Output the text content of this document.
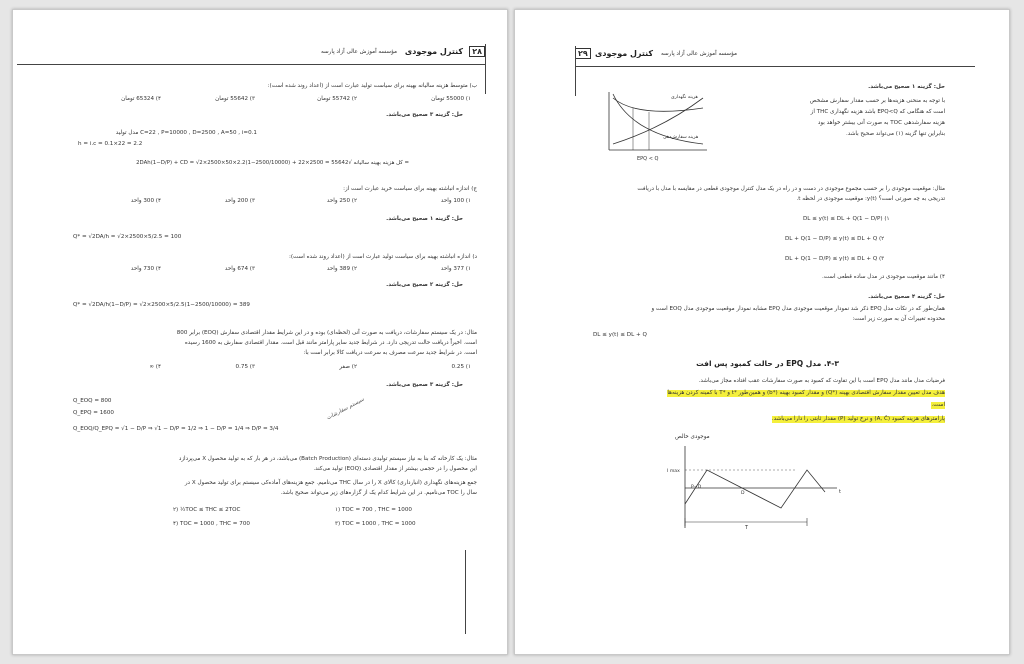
۲۸
کنترل موجودی
مؤسسه آموزش عالی آزاد پارسه
ب) متوسط هزینه سالیانه بهینه برای سیاست تولید عبارت است از (اعداد روند شده است):
۱) 55000 تومان
۲) 55742 تومان
۳) 55642 تومان
۴) 65324 تومان
حل: گزینه ۳ صحیح می‌باشد.
C=22 , P=10000 , D=2500 , A=50 , i=0.1 مدل تولید
h = i.c = 0.1×22 = 2.2
= کل هزینه بهینه سالیانه √2DAh(1−D/P) + CD = √2×2500×50×2.2(1−2500/10000) + 22×2500 = 55642
ج) اندازه انباشته بهینه برای سیاست خرید عبارت است از:
۱) 100 واحد
۲) 250 واحد
۳) 200 واحد
۴) 300 واحد
حل: گزینه ۱ صحیح می‌باشد.
Q* = √2DA/h = √2×2500×5/2.5 = 100
د) اندازه انباشته بهینه برای سیاست تولید عبارت است از (اعداد روند شده است):
۱) 377 واحد
۲) 389 واحد
۳) 674 واحد
۴) 730 واحد
حل: گزینه ۲ صحیح می‌باشد.
Q* = √2DA/h(1−D/P) = √2×2500×5/2.5(1−2500/10000) = 389
مثال: در یک سیستم سفارشات، دریافت به صورت آنی (لحظه‌ای) بوده و در این شرایط مقدار اقتصادی سفارش (EOQ) برابر 800
است. اخیراً دریافت حالت تدریجی دارد. در شرایط جدید سایر پارامتر مانند قبل است. مقدار اقتصادی سفارش به 1600 رسیده
است. در شرایط جدید سرعت مصرف به سرعت دریافت کالا برابر است با:
۱) 0.25
۲) صفر
۳) 0.75
۴) ∞
حل: گزینه ۳ صحیح می‌باشد.
Q_EOQ = 800
Q_EPQ = 1600
Q_EOQ/Q_EPQ = √1 − D/P ⇒ √1 − D/P = 1/2 ⇒ 1 − D/P = 1/4 ⇒ D/P = 3/4
سیستم سفارشات
مثال: یک کارخانه که بنا به نیاز سیستم تولیدی دسته‌ای (Batch Production) می‌باشد، در هر بار که به تولید محصول X می‌پردازد
این محصول را در حجمی بیشتر از مقدار اقتصادی (EOQ) تولید می‌کند.
جمع هزینه‌های نگهداری (انبارداری) کالای X را در سال THC می‌نامیم. جمع هزینه‌های آماده‌کی سیستم برای تولید محصول X در
سال را TOC می‌نامیم. در این شرایط کدام یک از گزاره‌های زیر می‌تواند صحیح باشد.
۱) TOC = 700 , THC = 1000
۲) ½TOC ≤ THC ≤ 2TOC
۳) TOC = 1000 , THC = 1000
۴) TOC = 1000 , THC = 700
۲۹ کنترل موجودی مؤسسه آموزش عالی آزاد پارسه
حل: گزینه ۱ صحیح می‌باشد.
با توجه به منحنی هزینه‌ها بر حسب مقدار سفارش مشخص
است که هنگامی که EPQ<Q باشد هزینه نگهداری THC از
هزینه سفارشدهی TOC به صورت آنی بیشتر خواهد بود
بنابراین تنها گزینه (۱) می‌تواند صحیح باشد.
هزینه نگهداری
هزینه سفارش‌دهی
EPQ < Q
مثال: موقعیت موجودی را بر حسب مجموع موجودی در دست و در راه در یک مدل کنترل موجودی قطعی در مقایسه با مدل با دریافت
تدریجی به چه صورتی است؟ (t)y: موقعیت موجودی در لحظه t.
DL ≤ y(t) ≤ DL + Q(1 − D/P) (۱
DL + Q(1 − D/P) ≤ y(t) ≤ DL + Q (۲
DL + Q(1 − D/P) ≤ y(t) ≤ DL + Q (۳
۴) مانند موقعیت موجودی در مدل ساده قطعی است.
حل: گزینه ۴ صحیح می‌باشد.
همان‌طور که در نکات مدل EPQ ذکر شد نمودار موقعیت موجودی مدل EPQ مشابه نمودار موقعیت موجودی مدل EOQ است و
محدوده تغییرات آن به صورت زیر است:
DL ≤ y(t) ≤ DL + Q
۴-۳. مدل EPQ در حالت کمبود پس افت
فرضیات مدل مانند مدل EPQ است با این تفاوت که کمبود به صورت سفارشات عقب افتاده مجاز می‌باشد.
هدف مدل تعیین مقدار سفارش اقتصادی بهینه (*Q) و مقدار کمبود بهینه (*b) و همین‌طور *t و *T با کمینه کردن هزینه‌ها
است.
پارامترهای هزینه کمبود (A, Ĉ) و نرخ تولید (P) مقدار ثابتی را دارا می‌باشد.
موجودی خالص
I max
P−D
D	t
T
